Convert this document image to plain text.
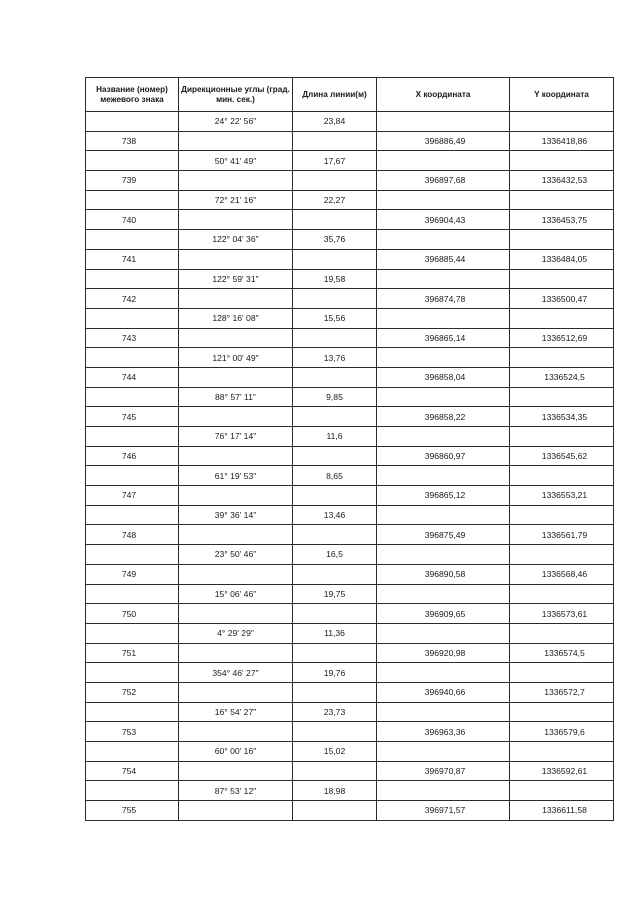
Название (номер) межевого знака	Дирекционные углы (град. мин. сек.)	Длина линии(м)	X координата	Y координата
	24° 22' 56"	23,84		
738			396886,49	1336418,86
	50° 41' 49"	17,67		
739			396897,68	1336432,53
	72° 21' 16"	22,27		
740			396904,43	1336453,75
	122° 04' 36"	35,76		
741			396885,44	1336484,05
	122° 59' 31"	19,58		
742			396874,78	1336500,47
	128° 16' 08"	15,56		
743			396865,14	1336512,69
	121° 00' 49"	13,76		
744			396858,04	1336524,5
	88° 57' 11"	9,85		
745			396858,22	1336534,35
	76° 17' 14"	11,6		
746			396860,97	1336545,62
	61° 19' 53"	8,65		
747			396865,12	1336553,21
	39° 36' 14"	13,46		
748			396875,49	1336561,79
	23° 50' 46"	16,5		
749			396890,58	1336568,46
	15° 06' 46"	19,75		
750			396909,65	1336573,61
	4° 29' 29"	11,36		
751			396920,98	1336574,5
	354° 46' 27"	19,76		
752			396940,66	1336572,7
	16° 54' 27"	23,73		
753			396963,36	1336579,6
	60° 00' 16"	15,02		
754			396970,87	1336592,61
	87° 53' 12"	18,98		
755			396971,57	1336611,58
